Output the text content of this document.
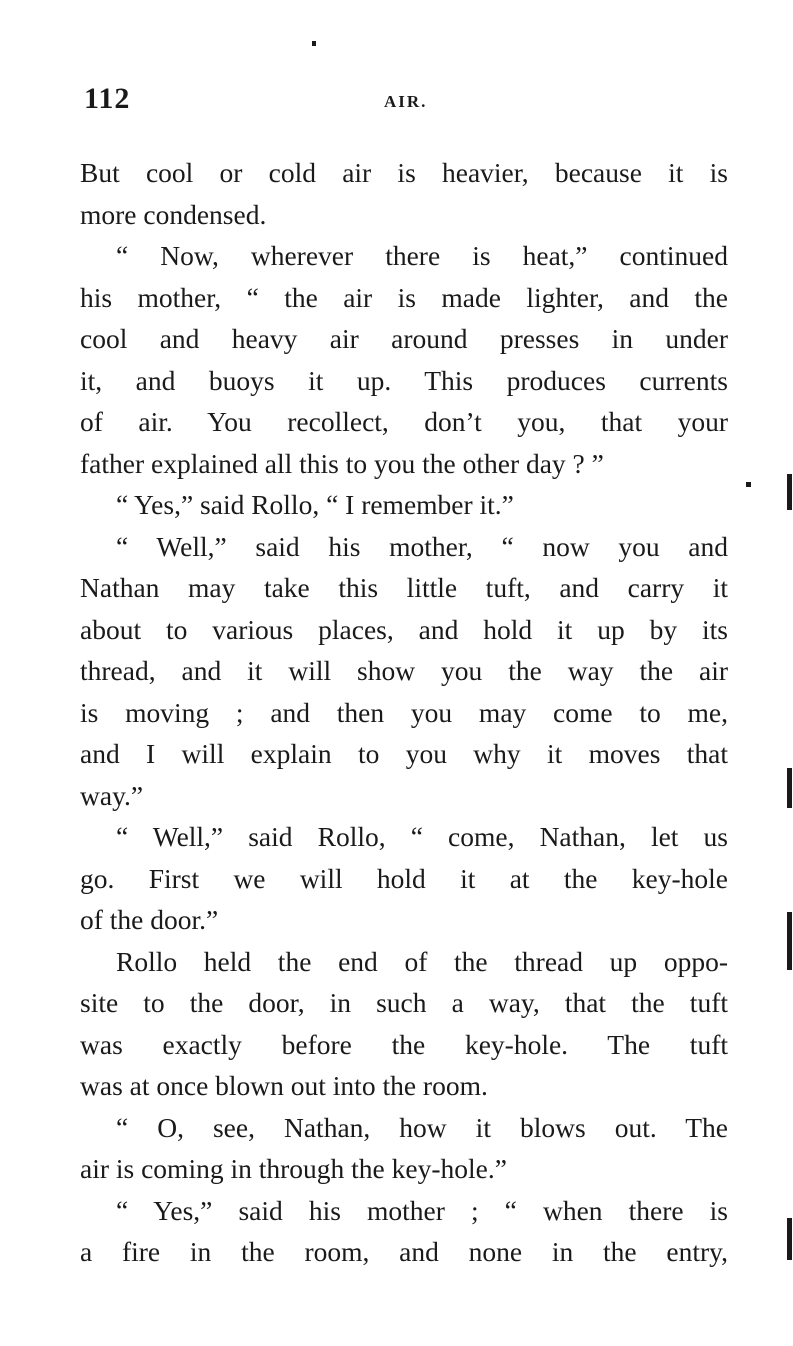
112	AIR.
But cool or cold air is heavier, because it is
more condensed.
“ Now, wherever there is heat,” continued
his mother, “ the air is made lighter, and the
cool and heavy air around presses in under
it, and buoys it up. This produces currents
of air. You recollect, don’t you, that your
father explained all this to you the other day ? ”
“ Yes,” said Rollo, “ I remember it.”
“ Well,” said his mother, “ now you and
Nathan may take this little tuft, and carry it
about to various places, and hold it up by its
thread, and it will show you the way the air
is moving ; and then you may come to me,
and I will explain to you why it moves that
way.”
“ Well,” said Rollo, “ come, Nathan, let us
go. First we will hold it at the key-hole
of the door.”
Rollo held the end of the thread up oppo-
site to the door, in such a way, that the tuft
was exactly before the key-hole. The tuft
was at once blown out into the room.
“ O, see, Nathan, how it blows out. The
air is coming in through the key-hole.”
“ Yes,” said his mother ; “ when there is
a fire in the room, and none in the entry,
